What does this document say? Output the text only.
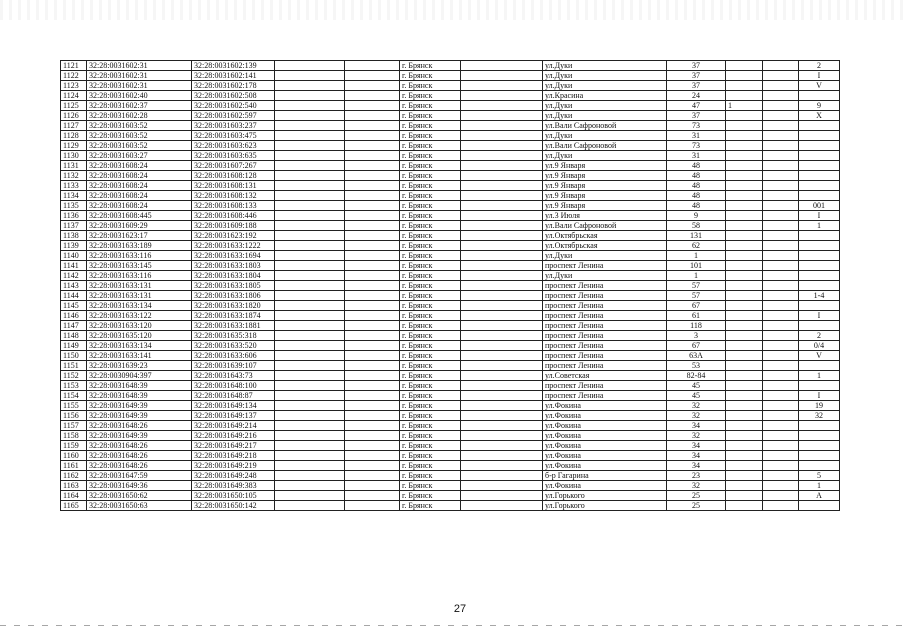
1121	32:28:0031602:31	32:28:0031602:139			г. Брянск		ул.Дуки	37			2
1122	32:28:0031602:31	32:28:0031602:141			г. Брянск		ул.Дуки	37			I
1123	32:28:0031602:31	32:28:0031602:178			г. Брянск		ул.Дуки	37			V
1124	32:28:0031602:40	32:28:0031602:508			г. Брянск		ул.Красина	24			
1125	32:28:0031602:37	32:28:0031602:540			г. Брянск		ул.Дуки	47	1		9
1126	32:28:0031602:28	32:28:0031602:597			г. Брянск		ул.Дуки	37			X
1127	32:28:0031603:52	32:28:0031603:237			г. Брянск		ул.Вали Сафроновой	73			
1128	32:28:0031603:52	32:28:0031603:475			г. Брянск		ул.Дуки	31			
1129	32:28:0031603:52	32:28:0031603:623			г. Брянск		ул.Вали Сафроновой	73			
1130	32:28:0031603:27	32:28:0031603:635			г. Брянск		ул.Дуки	31			
1131	32:28:0031608:24	32:28:0031607:267			г. Брянск		ул.9 Января	48			
1132	32:28:0031608:24	32:28:0031608:128			г. Брянск		ул.9 Января	48			
1133	32:28:0031608:24	32:28:0031608:131			г. Брянск		ул.9 Января	48			
1134	32:28:0031608:24	32:28:0031608:132			г. Брянск		ул.9 Января	48			
1135	32:28:0031608:24	32:28:0031608:133			г. Брянск		ул.9 Января	48			001
1136	32:28:0031608:445	32:28:0031608:446			г. Брянск		ул.3 Июля	9			I
1137	32:28:0031609:29	32:28:0031609:188			г. Брянск		ул.Вали Сафроновой	58			1
1138	32:28:0031623:17	32:28:0031623:192			г. Брянск		ул.Октябрьская	131			
1139	32:28:0031633:189	32:28:0031633:1222			г. Брянск		ул.Октябрьская	62			
1140	32:28:0031633:116	32:28:0031633:1694			г. Брянск		ул.Дуки	1			
1141	32:28:0031633:145	32:28:0031633:1803			г. Брянск		проспект Ленина	101			
1142	32:28:0031633:116	32:28:0031633:1804			г. Брянск		ул.Дуки	1			
1143	32:28:0031633:131	32:28:0031633:1805			г. Брянск		проспект Ленина	57			
1144	32:28:0031633:131	32:28:0031633:1806			г. Брянск		проспект Ленина	57			1-4
1145	32:28:0031633:134	32:28:0031633:1820			г. Брянск		проспект Ленина	67			
1146	32:28:0031633:122	32:28:0031633:1874			г. Брянск		проспект Ленина	61			I
1147	32:28:0031633:120	32:28:0031633:1881			г. Брянск		проспект Ленина	118			
1148	32:28:0031635:120	32:28:0031635:318			г. Брянск		проспект Ленина	3			2
1149	32:28:0031633:134	32:28:0031633:520			г. Брянск		проспект Ленина	67			0/4
1150	32:28:0031633:141	32:28:0031633:606			г. Брянск		проспект Ленина	63А			V
1151	32:28:0031639:23	32:28:0031639:107			г. Брянск		проспект Ленина	53			
1152	32:28:0030904:397	32:28:0031643:73			г. Брянск		ул.Советская	82-84			1
1153	32:28:0031648:39	32:28:0031648:100			г. Брянск		проспект Ленина	45			
1154	32:28:0031648:39	32:28:0031648:87			г. Брянск		проспект Ленина	45			I
1155	32:28:0031649:39	32:28:0031649:134			г. Брянск		ул.Фокина	32			19
1156	32:28:0031649:39	32:28:0031649:137			г. Брянск		ул.Фокина	32			32
1157	32:28:0031648:26	32:28:0031649:214			г. Брянск		ул.Фокина	34			
1158	32:28:0031649:39	32:28:0031649:216			г. Брянск		ул.Фокина	32			
1159	32:28:0031648:26	32:28:0031649:217			г. Брянск		ул.Фокина	34			
1160	32:28:0031648:26	32:28:0031649:218			г. Брянск		ул.Фокина	34			
1161	32:28:0031648:26	32:28:0031649:219			г. Брянск		ул.Фокина	34			
1162	32:28:0031647:59	32:28:0031649:248			г. Брянск		б-р Гагарина	23			5
1163	32:28:0031649:36	32:28:0031649:383			г. Брянск		ул.Фокина	32			1
1164	32:28:0031650:62	32:28:0031650:105			г. Брянск		ул.Горького	25			А
1165	32:28:0031650:63	32:28:0031650:142			г. Брянск		ул.Горького	25			
27
